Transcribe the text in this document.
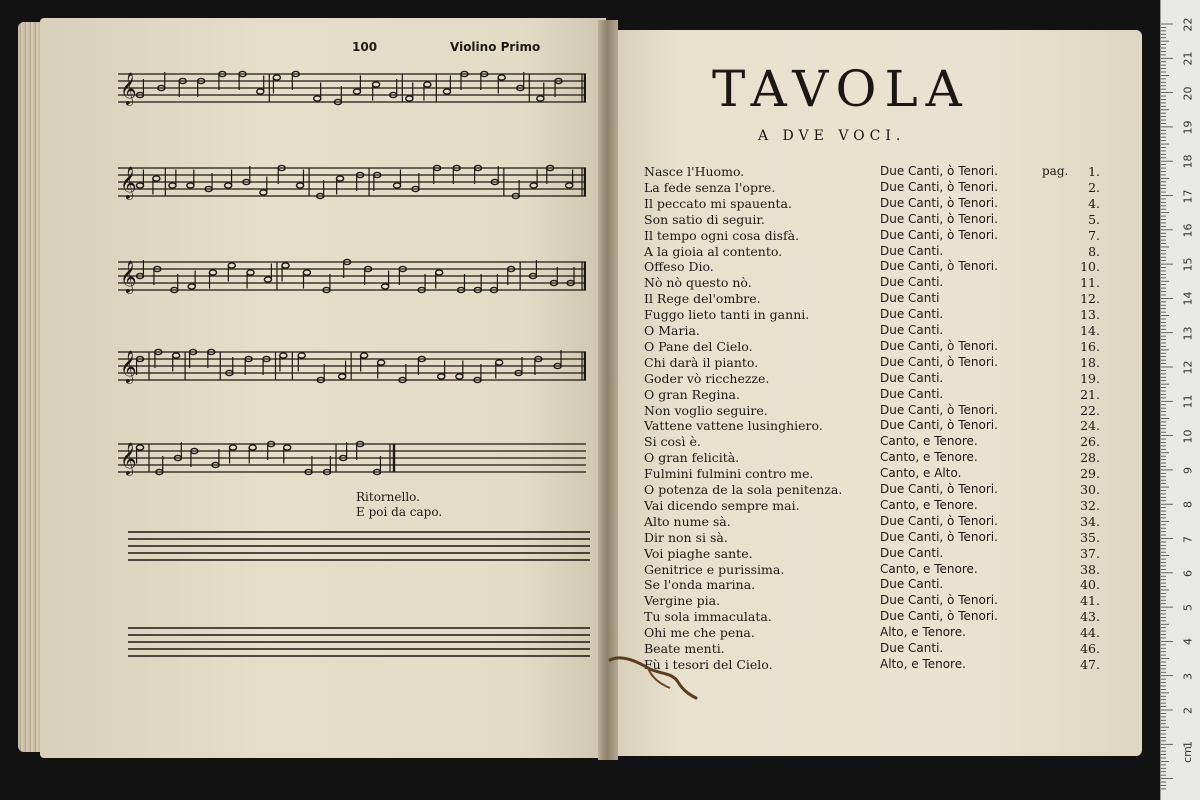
100	Violino Primo
𝄞
𝄞
𝄞
𝄞
𝄞
Ritornello.
E poi da capo.
TAVOLA
A DVE VOCI.
pag.
Nasce l'Huomo.	Due Canti, ò Tenori.	1.
La fede senza l'opre.	Due Canti, ò Tenori.	2.
Il peccato mi spauenta.	Due Canti, ò Tenori.	4.
Son satio di seguir.	Due Canti, ò Tenori.	5.
Il tempo ogni cosa disfà.	Due Canti, ò Tenori.	7.
A la gioia al contento.	Due Canti.	8.
Offeso Dio.	Due Canti, ò Tenori.	10.
Nò nò questo nò.	Due Canti.	11.
Il Rege del'ombre.	Due Canti	12.
Fuggo lieto tanti in ganni.	Due Canti.	13.
O Maria.	Due Canti.	14.
O Pane del Cielo.	Due Canti, ò Tenori.	16.
Chi darà il pianto.	Due Canti, ò Tenori.	18.
Goder vò ricchezze.	Due Canti.	19.
O gran Regina.	Due Canti.	21.
Non voglio seguire.	Due Canti, ò Tenori.	22.
Vattene vattene lusinghiero.	Due Canti, ò Tenori.	24.
Si così è.	Canto, e Tenore.	26.
O gran felicità.	Canto, e Tenore.	28.
Fulmini fulmini contro me.	Canto, e Alto.	29.
O potenza de la sola penitenza.	Due Canti, ò Tenori.	30.
Vai dicendo sempre mai.	Canto, e Tenore.	32.
Alto nume sà.	Due Canti, ò Tenori.	34.
Dir non si sà.	Due Canti, ò Tenori.	35.
Voi piaghe sante.	Due Canti.	37.
Genitrice e purissima.	Canto, e Tenore.	38.
Se l'onda marina.	Due Canti.	40.
Vergine pia.	Due Canti, ò Tenori.	41.
Tu sola immaculata.	Due Canti, ò Tenori.	43.
Ohi me che pena.	Alto, e Tenore.	44.
Beate menti.	Due Canti.	46.
Fù i tesori del Cielo.	Alto, e Tenore.	47.
22
21
20
19
18
17
16
15
14
13
12
11
10
9
8
7
6
5
4
3
2
1
cm
